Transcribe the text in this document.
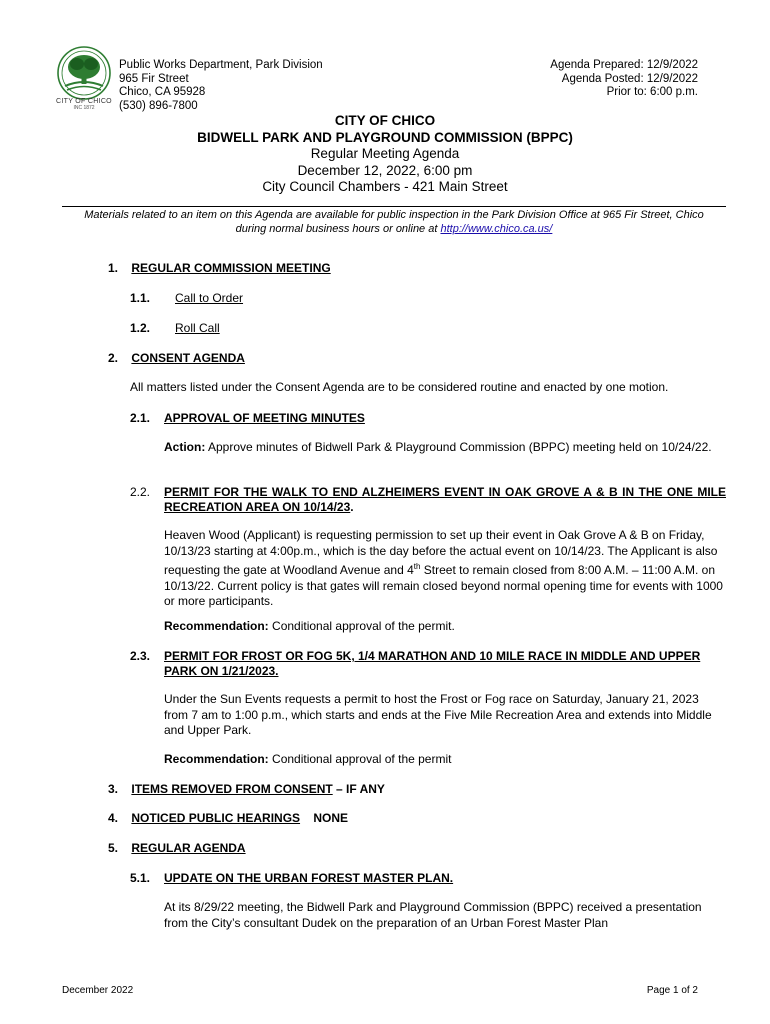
CITY OF CHICO
INC 1872
Public Works Department, Park Division
965 Fir Street
Chico, CA 95928
(530) 896-7800
Agenda Prepared: 12/9/2022
Agenda Posted: 12/9/2022
Prior to: 6:00 p.m.
CITY OF CHICO
BIDWELL PARK AND PLAYGROUND COMMISSION (BPPC)
Regular Meeting Agenda
December 12, 2022, 6:00 pm
City Council Chambers - 421 Main Street
Materials related to an item on this Agenda are available for public inspection in the Park Division Office at 965 Fir Street, Chico
during normal business hours or online at http://www.chico.ca.us/
1. REGULAR COMMISSION MEETING
1.1. Call to Order
1.2. Roll Call
2. CONSENT AGENDA
All matters listed under the Consent Agenda are to be considered routine and enacted by one motion.
2.1. APPROVAL OF MEETING MINUTES
Action: Approve minutes of Bidwell Park & Playground Commission (BPPC) meeting held on 10/24/22.
2.2. PERMIT FOR THE WALK TO END ALZHEIMERS EVENT IN OAK GROVE A & B IN THE ONE MILE RECREATION AREA ON 10/14/23.
Heaven Wood (Applicant) is requesting permission to set up their event in Oak Grove A & B on Friday, 10/13/23 starting at 4:00p.m., which is the day before the actual event on 10/14/23. The Applicant is also requesting the gate at Woodland Avenue and 4th Street to remain closed from 8:00 A.M. – 11:00 A.M. on 10/13/22. Current policy is that gates will remain closed beyond normal opening time for events with 1000 or more participants.
Recommendation: Conditional approval of the permit.
2.3. PERMIT FOR FROST OR FOG 5K, 1/4 MARATHON AND 10 MILE RACE IN MIDDLE AND UPPER PARK ON 1/21/2023.
Under the Sun Events requests a permit to host the Frost or Fog race on Saturday, January 21, 2023 from 7 am to 1:00 p.m., which starts and ends at the Five Mile Recreation Area and extends into Middle and Upper Park.
Recommendation: Conditional approval of the permit
3. ITEMS REMOVED FROM CONSENT – IF ANY
4. NOTICED PUBLIC HEARINGS NONE
5. REGULAR AGENDA
5.1. UPDATE ON THE URBAN FOREST MASTER PLAN.
At its 8/29/22 meeting, the Bidwell Park and Playground Commission (BPPC) received a presentation from the City’s consultant Dudek on the preparation of an Urban Forest Master Plan
December 2022	Page 1 of 2
